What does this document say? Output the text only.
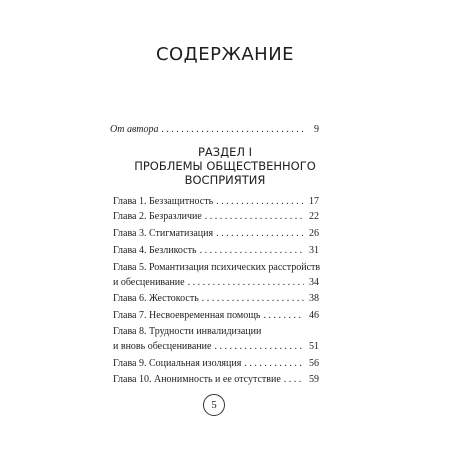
СОДЕРЖАНИЕ
От автора . . .	9
РАЗДЕЛ I
ПРОБЛЕМЫ ОБЩЕСТВЕННОГО
ВОСПРИЯТИЯ
Глава 1. Беззащитность . . .	17
Глава 2. Безразличие . . .	22
Глава 3. Стигматизация . . .	26
Глава 4. Безликость . . .	31
Глава 5. Романтизация психических расстройств
и обесценивание . . .	34
Глава 6. Жестокость . . .	38
Глава 7. Несвоевременная помощь . . .	46
Глава 8. Трудности инвалидизации
и вновь обесценивание . . .	51
Глава 9. Социальная изоляция . . .	56
Глава 10. Анонимность и ее отсутствие . . .	59
5
